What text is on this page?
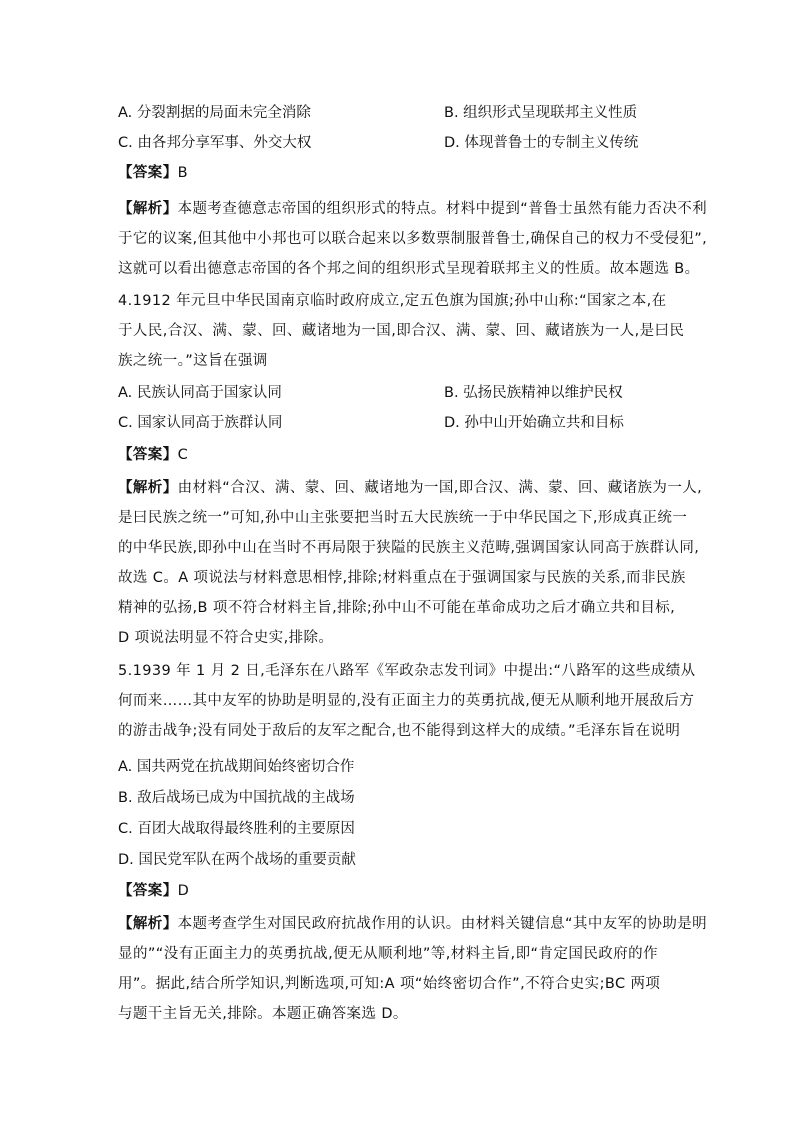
A. 分裂割据的局面未完全消除	B. 组织形式呈现联邦主义性质
C. 由各邦分享军事、外交大权	D. 体现普鲁士的专制主义传统
【答案】B
【解析】本题考查德意志帝国的组织形式的特点。材料中提到“普鲁士虽然有能力否决不利
于它的议案,但其他中小邦也可以联合起来以多数票制服普鲁士,确保自己的权力不受侵犯”,
这就可以看出德意志帝国的各个邦之间的组织形式呈现着联邦主义的性质。故本题选 B。
4.1912 年元旦中华民国南京临时政府成立,定五色旗为国旗;孙中山称:“国家之本,在
于人民,合汉、满、蒙、回、藏诸地为一国,即合汉、满、蒙、回、藏诸族为一人,是曰民
族之统一。”这旨在强调
A. 民族认同高于国家认同	B. 弘扬民族精神以维护民权
C. 国家认同高于族群认同	D. 孙中山开始确立共和目标
【答案】C
【解析】由材料“合汉、满、蒙、回、藏诸地为一国,即合汉、满、蒙、回、藏诸族为一人,
是曰民族之统一”可知,孙中山主张要把当时五大民族统一于中华民国之下,形成真正统一
的中华民族,即孙中山在当时不再局限于狭隘的民族主义范畴,强调国家认同高于族群认同,
故选 C。A 项说法与材料意思相悖,排除;材料重点在于强调国家与民族的关系,而非民族
精神的弘扬,B 项不符合材料主旨,排除;孙中山不可能在革命成功之后才确立共和目标,
D 项说法明显不符合史实,排除。
5.1939 年 1 月 2 日,毛泽东在八路军《军政杂志发刊词》中提出:“八路军的这些成绩从
何而来……其中友军的协助是明显的,没有正面主力的英勇抗战,便无从顺利地开展敌后方
的游击战争;没有同处于敌后的友军之配合,也不能得到这样大的成绩。”毛泽东旨在说明
A. 国共两党在抗战期间始终密切合作
B. 敌后战场已成为中国抗战的主战场
C. 百团大战取得最终胜利的主要原因
D. 国民党军队在两个战场的重要贡献
【答案】D
【解析】本题考查学生对国民政府抗战作用的认识。由材料关键信息“其中友军的协助是明
显的”“没有正面主力的英勇抗战,便无从顺利地”等,材料主旨,即“肯定国民政府的作
用”。据此,结合所学知识,判断选项,可知:A 项“始终密切合作”,不符合史实;BC 两项
与题干主旨无关,排除。本题正确答案选 D。
